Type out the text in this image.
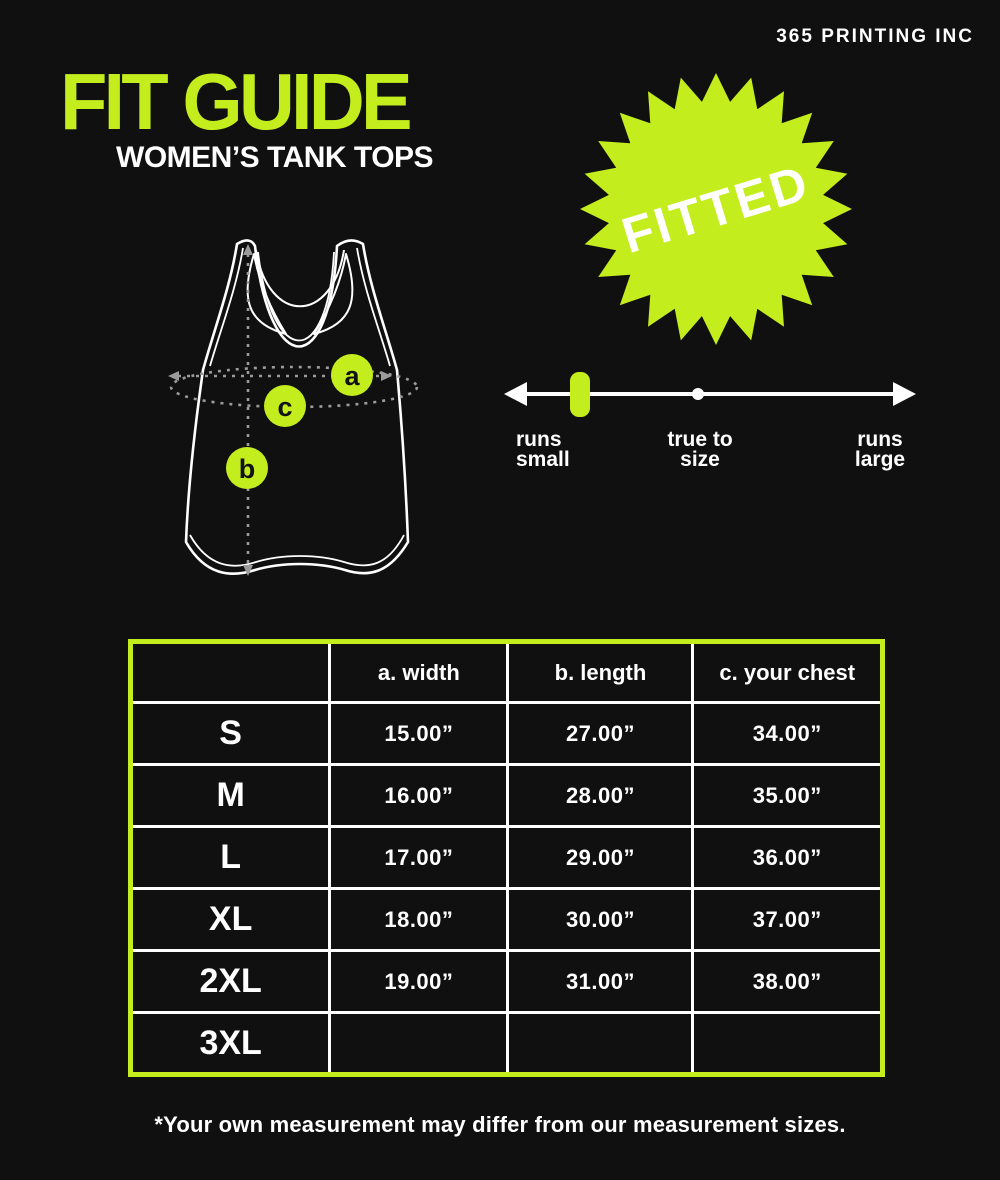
365 PRINTING INC
FIT GUIDE
WOMEN’S TANK TOPS
a
c
b
FITTED
runs small
true to size
runs large
	a. width	b. length	c. your chest
S	15.00”	27.00”	34.00”
M	16.00”	28.00”	35.00”
L	17.00”	29.00”	36.00”
XL	18.00”	30.00”	37.00”
2XL	19.00”	31.00”	38.00”
3XL			
*Your own measurement may differ from our measurement sizes.
